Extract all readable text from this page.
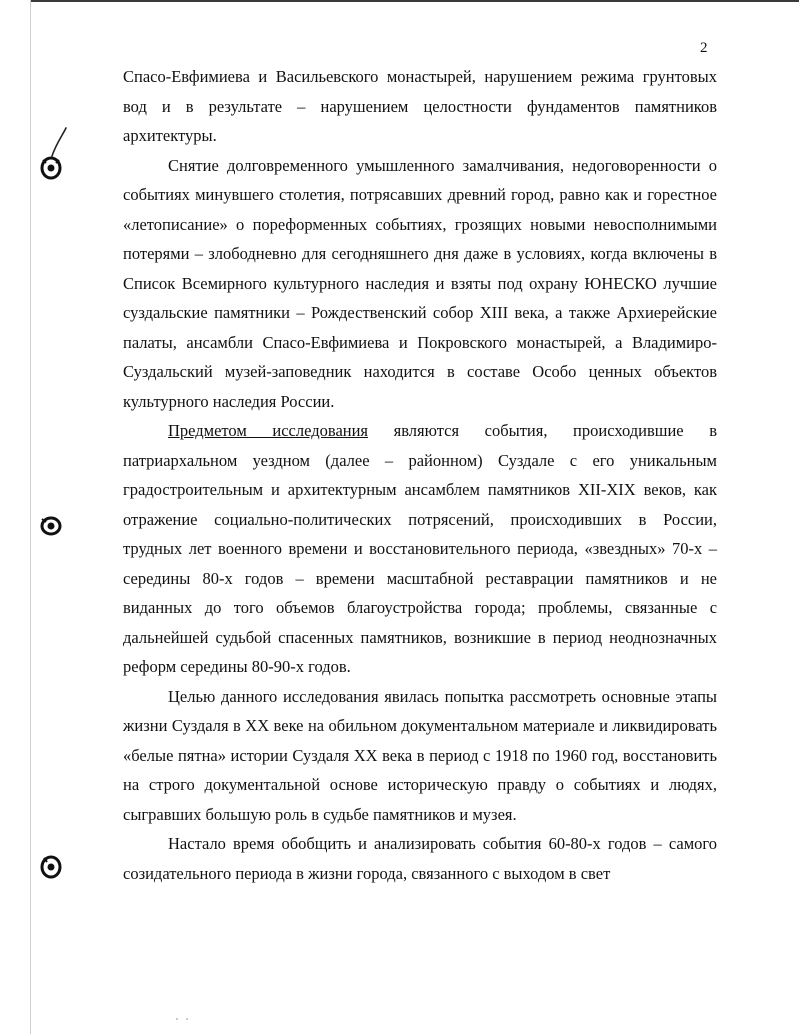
2

Спасо-Евфимиева и Васильевского монастырей, нарушением режима грунтовых вод и в результате – нарушением целостности фундаментов памятников архитектуры.

Снятие долговременного умышленного замалчивания, недоговоренности о событиях минувшего столетия, потрясавших древний город, равно как и горестное «летописание» о пореформенных событиях, грозящих новыми невосполнимыми потерями – злободневно для сегодняшнего дня даже в условиях, когда включены в Список Всемирного культурного наследия и взяты под охрану ЮНЕСКО лучшие суздальские памятники – Рождественский собор XIII века, а также Архиерейские палаты, ансамбли Спасо-Евфимиева и Покровского монастырей, а Владимиро- Суздальский музей-заповедник находится в составе Особо ценных объектов культурного наследия России.

Предметом исследования являются события, происходившие в патриархальном уездном (далее – районном) Суздале с его уникальным градостроительным и архитектурным ансамблем памятников XII-XIX веков, как отражение социально-политических потрясений, происходивших в России, трудных лет военного времени и восстановительного периода, «звездных» 70-х – середины 80-х годов – времени масштабной реставрации памятников и не виданных до того объемов благоустройства города; проблемы, связанные с дальнейшей судьбой спасенных памятников, возникшие в период неоднозначных реформ середины 80-90-х годов.

Целью данного исследования явилась попытка рассмотреть основные этапы жизни Суздаля в XX веке на обильном документальном материале и ликвидировать «белые пятна» истории Суздаля XX века в период с 1918 по 1960 год, восстановить на строго документальной основе историческую правду о событиях и людях, сыгравших большую роль в судьбе памятников и музея.

Настало время обобщить и анализировать события 60-80-х годов – самого созидательного периода в жизни города, связанного с выходом в свет
